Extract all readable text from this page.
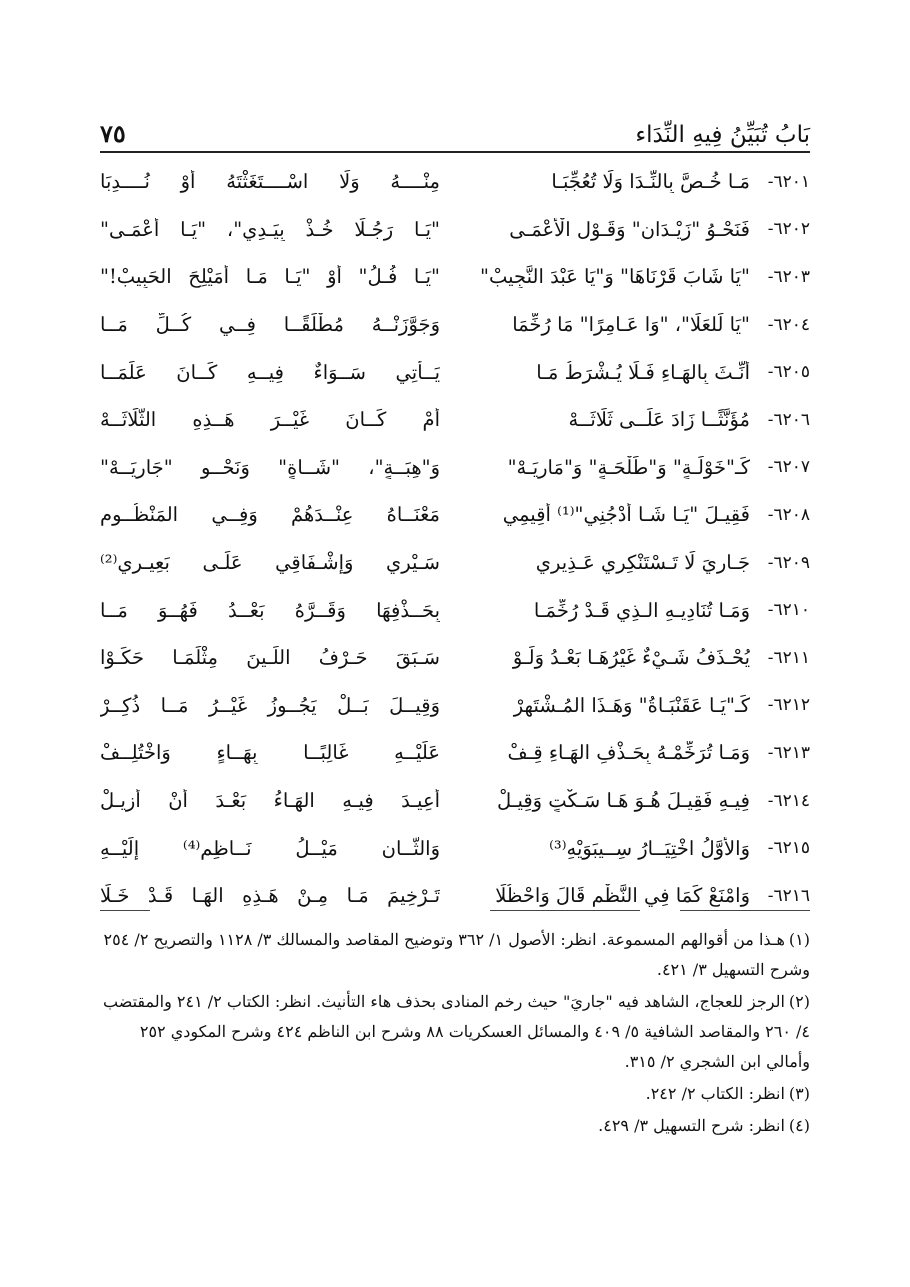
٧٥	بَابُ تُبَيِّنُ فِيهِ النِّدَاء
٦٢٠١-
مَـا خُـصَّ بِالنِّـدَا وَلَا تُعُجِّبَـا
مِنْــــهُ وَلَا اسْــــتَغَثْتَهُ أَوْ نُــــدِبَا
٦٢٠٢-
فَنَحْـوُ "زَيْـدَانِ" وَقَـوْلِ الْأَعْمَـى
"يَـا رَجُـلًا خُـذْ بِيَـدِي"، "يَـا أَعْمَـى"
٦٢٠٣-
"يَا شَابَ قَرْنَاهَا" وَ"يَا عَبْدَ النَّجِيبْ"
"يَـا فُـلُ" أَوْ "يَـا مَـا أُمَيْلِحَ الحَبِيبْ!"
٦٢٠٤-
"يَا لَلعَلَا"، "وَا عَـامِرًا" مَا رُخِّمَا
وَجَوَّزَنْــهُ مُطْلَقًــا فِــي كُــلِّ مَــا
٦٢٠٥-
أُنِّـثَ بِالهَـاءِ فَـلَا يُـشْرَطُ مَـا
يَــأْتِي سَــوَاءٌ فِيــهِ كَــانَ عَلَمَــا
٦٢٠٦-
مُؤَنَّثًــا زَادَ عَلَــى ثَلَاثَــهْ
أَمْ كَــانَ غَيْــرَ هَــذِهِ الثَّلَاثَــهْ
٦٢٠٧-
كَـ"خَوْلَـةٍ" وَ"طَلْحَـةٍ" وَ"مَارِيَـهْ"
وَ"هِبَــةٍ"، "شَــاةٍ" وَنَحْــوِ "جَارِيَــهْ"
٦٢٠٨-
فَقِيـلَ "يَـا شَـا أَدْجُنِي"⁽¹⁾ أَقِيمِي
مَعْنَــاهُ عِنْــدَهُمْ وَفِــي المَنْظُــومِ
٦٢٠٩-
جَـارِيَ لَا تَـسْتَنْكِرِي عَـذِيرِي
سَـيْرِي وَإِشْـفَاقِي عَلَـى بَعِيـرِي⁽²⁾
٦٢١٠-
وَمَـا تُنَادِيـهِ الـذِي قَـدْ رُخِّمَـا
بِحَــذْفِهَا وَقَــرَّهُ بَعْــدُ فَهُــوَ مَــا
٦٢١١-
يُحْـذَفُ شَـيْءٌ غَيْرُهَـا بَعْـدُ وَلَـوْ
سَـبَقَ حَـرْفُ اللِّـينَ مِثْلَمَـا حَكَـوْا
٦٢١٢-
كَـ"يَـا عَقَنْبَـاةُ" وَهَـذَا المُـشْتَهِرْ
وَقِيــلَ بَــلْ يَجُــوزُ غَيْــرُ مَــا ذُكِــرْ
٦٢١٣-
وَمَـا تُرَخِّمْـهُ بِحَـذْفِ الهَـاءِ قِـفْ
عَلَيْــهِ غَالِبًــا بِهَــاءٍ وَاخْتُلِــفْ
٦٢١٤-
فِيـهِ فَقِيـلَ هُـوَ هَـا سَـكْتٍ وَقِيـلْ
أُعِيـدَ فِيـهِ الهَـاءُ بَعْـدَ أَنْ أُزِيـلْ
٦٢١٥-
وَالأَوَّلُ اخْتِيَــارُ سِــيبَوَيْهِ⁽³⁾
وَالثَّــانِ مَيْــلُ نَــاظِمٍ⁽⁴⁾ إِلَيْــهِ
٦٢١٦-
وَامْنَعْ كَمَا فِي النَّظْمِ قَالَ وَاحْظُلَا
تَـرْخِيمَ مَـا مِـنْ هَـذِهِ الهَـا قَـدْ خَـلَا
(١)هـذا من أقوالهم المسموعة. انظر: الأصول ١/ ٣٦٢ وتوضيح المقاصد والمسالك ٣/ ١١٢٨ والتصريح ٢/ ٢٥٤ وشرح التسهيل ٣/ ٤٢١.
(٢)الرجز للعجاج، الشاهد فيه "جاريَ" حيث رخم المنادى بحذف هاء التأنيث. انظر: الكتاب ٢/ ٢٤١ والمقتضب ٤/ ٢٦٠ والمقاصد الشافية ٥/ ٤٠٩ والمسائل العسكريات ٨٨ وشرح ابن الناظم ٤٢٤ وشرح المكودي ٢٥٢ وأمالي ابن الشجري ٢/ ٣١٥.
(٣)انظر: الكتاب ٢/ ٢٤٢.
(٤)انظر: شرح التسهيل ٣/ ٤٢٩.
